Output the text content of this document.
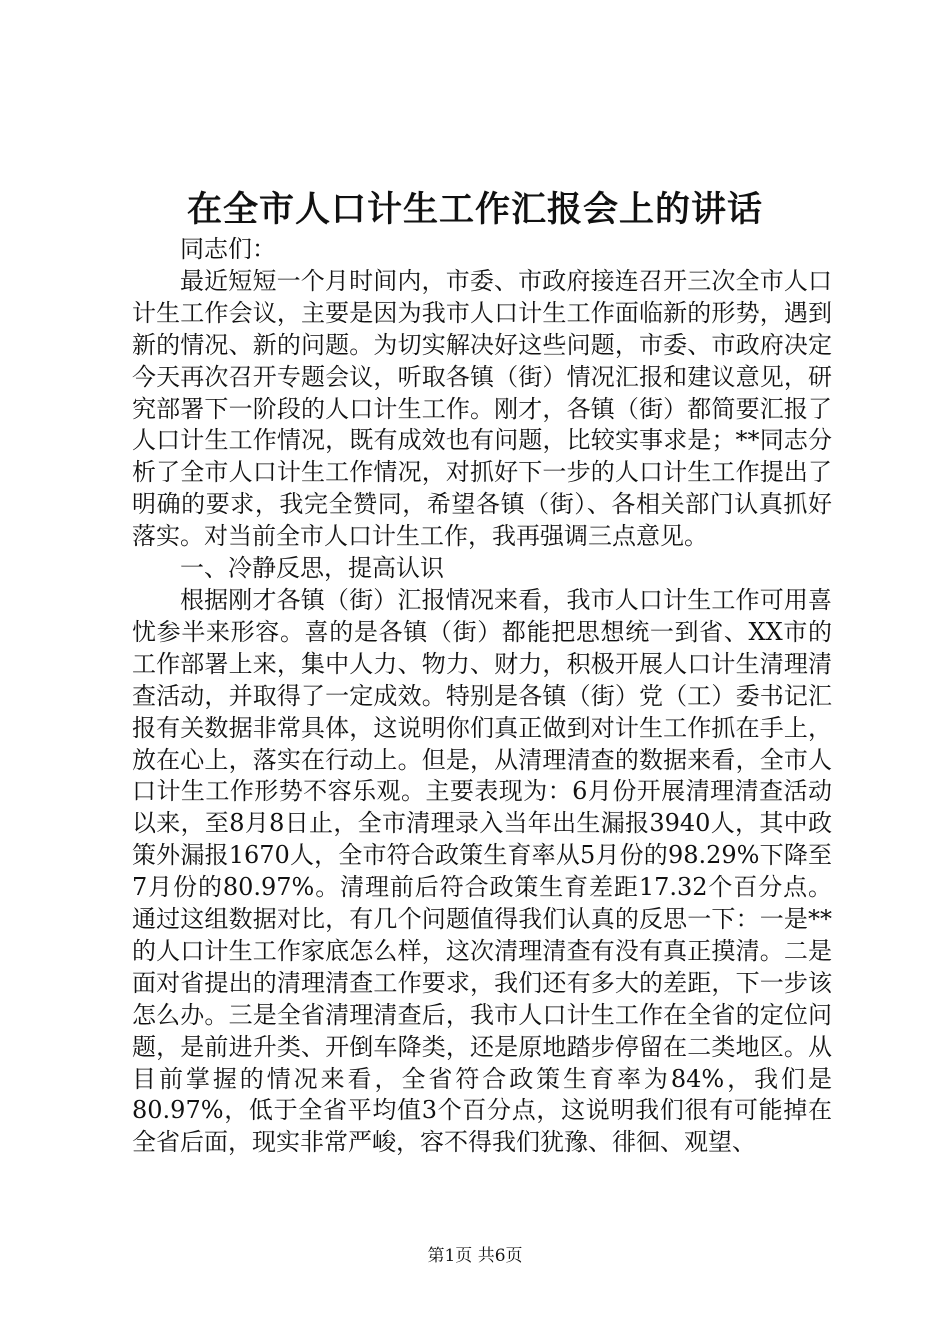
在全市人口计生工作汇报会上的讲话

同志们：

最近短短一个月时间内，市委、市政府接连召开三次全市人口计生工作会议，主要是因为我市人口计生工作面临新的形势，遇到新的情况、新的问题。为切实解决好这些问题，市委、市政府决定今天再次召开专题会议，听取各镇（街）情况汇报和建议意见，研究部署下一阶段的人口计生工作。刚才，各镇（街）都简要汇报了人口计生工作情况，既有成效也有问题，比较实事求是；**同志分析了全市人口计生工作情况，对抓好下一步的人口计生工作提出了明确的要求，我完全赞同，希望各镇（街）、各相关部门认真抓好落实。对当前全市人口计生工作，我再强调三点意见。

一、冷静反思，提高认识

根据刚才各镇（街）汇报情况来看，我市人口计生工作可用喜忧参半来形容。喜的是各镇（街）都能把思想统一到省、XX市的工作部署上来，集中人力、物力、财力，积极开展人口计生清理清查活动，并取得了一定成效。特别是各镇（街）党（工）委书记汇报有关数据非常具体，这说明你们真正做到对计生工作抓在手上，放在心上，落实在行动上。但是，从清理清查的数据来看，全市人口计生工作形势不容乐观。主要表现为：6月份开展清理清查活动以来，至8月8日止，全市清理录入当年出生漏报3940人，其中政策外漏报1670人，全市符合政策生育率从5月份的98.29%下降至7月份的80.97%。清理前后符合政策生育差距17.32个百分点。通过这组数据对比，有几个问题值得我们认真的反思一下：一是**的人口计生工作家底怎么样，这次清理清查有没有真正摸清。二是面对省提出的清理清查工作要求，我们还有多大的差距，下一步该怎么办。三是全省清理清查后，我市人口计生工作在全省的定位问题，是前进升类、开倒车降类，还是原地踏步停留在二类地区。从目前掌握的情况来看，全省符合政策生育率为84%，我们是80.97%，低于全省平均值3个百分点，这说明我们很有可能掉在全省后面，现实非常严峻，容不得我们犹豫、徘徊、观望、

第1页 共6页
